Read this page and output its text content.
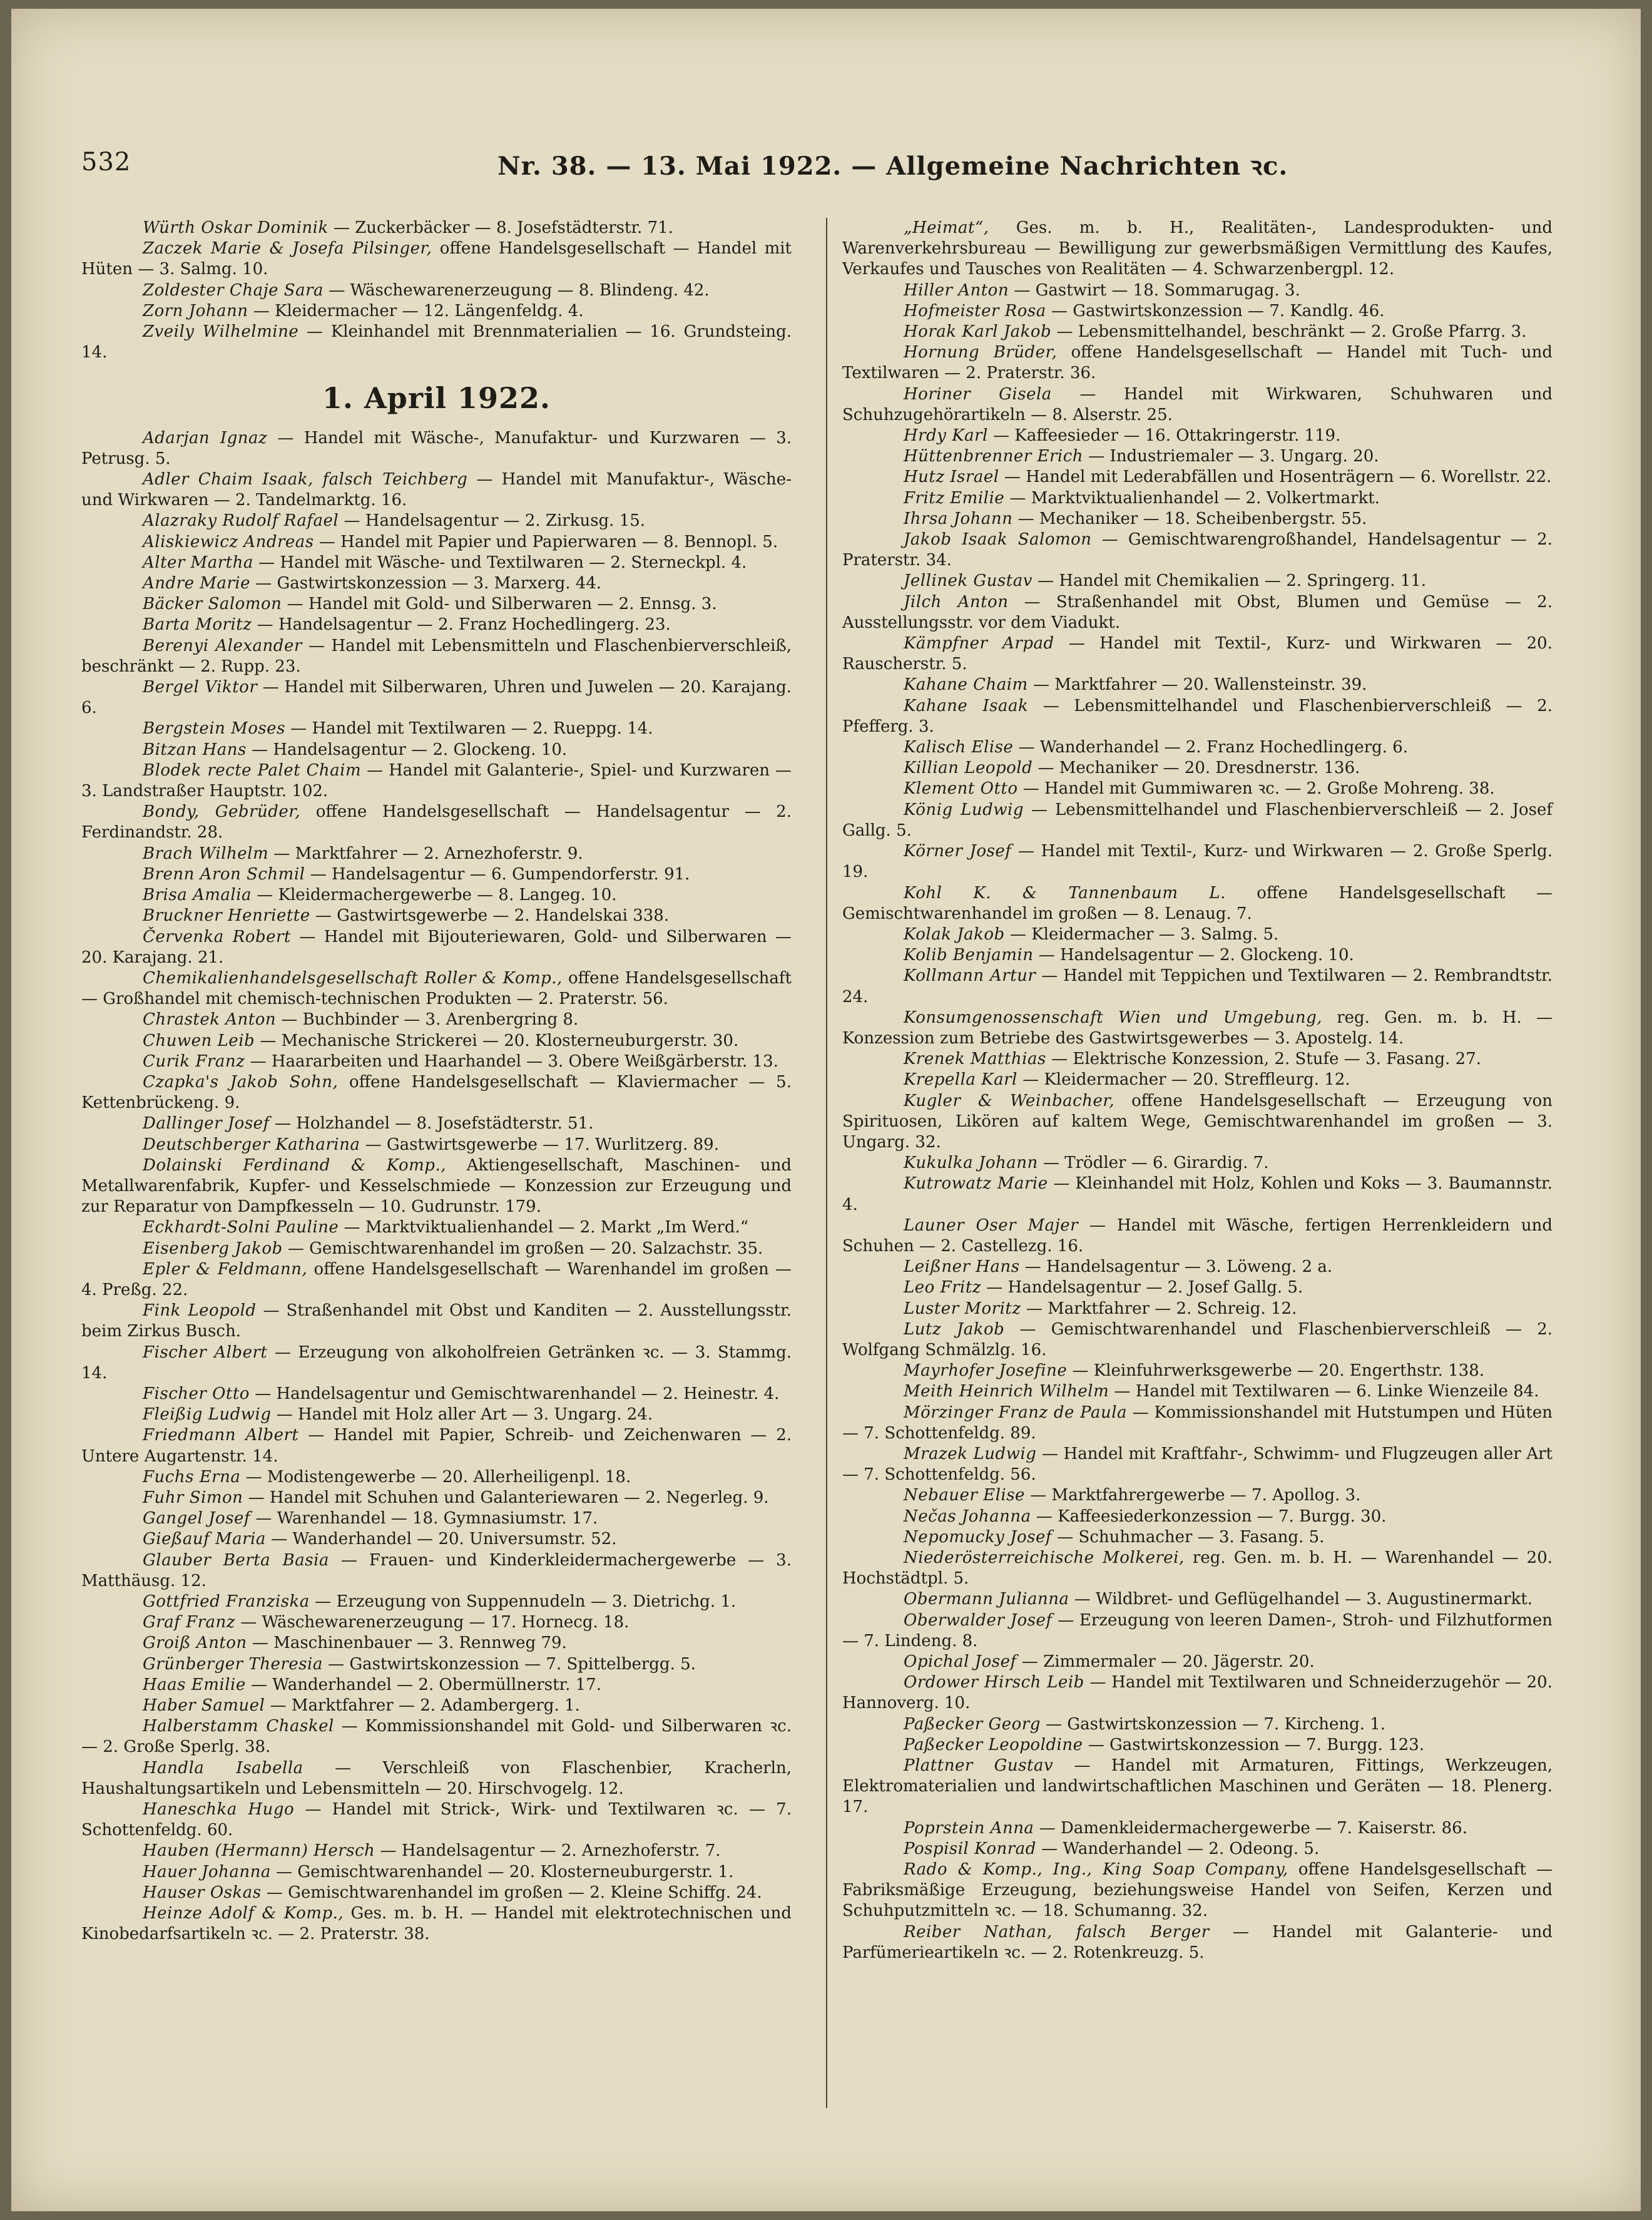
532	Nr. 38. — 13. Mai 1922. — Allgemeine Nachrichten ꝛc.

Würth Oskar Dominik — Zuckerbäcker — 8. Josefstädterstr. 71.

Zaczek Marie & Josefa Pilsinger, offene Handelsgesellschaft — Handel mit Hüten — 3. Salmg. 10.

Zoldester Chaje Sara — Wäschewarenerzeugung — 8. Blindeng. 42.

Zorn Johann — Kleidermacher — 12. Längenfeldg. 4.

Zveily Wilhelmine — Kleinhandel mit Brennmaterialien — 16. Grundsteing. 14.

1. April 1922.

Adarjan Ignaz — Handel mit Wäsche-, Manufaktur- und Kurzwaren — 3. Petrusg. 5.

Adler Chaim Isaak, falsch Teichberg — Handel mit Manufaktur-, Wäsche- und Wirkwaren — 2. Tandelmarktg. 16.

Alazraky Rudolf Rafael — Handelsagentur — 2. Zirkusg. 15.

Aliskiewicz Andreas — Handel mit Papier und Papierwaren — 8. Bennopl. 5.

Alter Martha — Handel mit Wäsche- und Textilwaren — 2. Sterneckpl. 4.

Andre Marie — Gastwirtskonzession — 3. Marxerg. 44.

Bäcker Salomon — Handel mit Gold- und Silberwaren — 2. Ennsg. 3.

Barta Moritz — Handelsagentur — 2. Franz Hochedlingerg. 23.

Berenyi Alexander — Handel mit Lebensmitteln und Flaschenbierverschleiß, beschränkt — 2. Rupp. 23.

Bergel Viktor — Handel mit Silberwaren, Uhren und Juwelen — 20. Karajang. 6.

Bergstein Moses — Handel mit Textilwaren — 2. Rueppg. 14.

Bitzan Hans — Handelsagentur — 2. Glockeng. 10.

Blodek recte Palet Chaim — Handel mit Galanterie-, Spiel- und Kurzwaren — 3. Landstraßer Hauptstr. 102.

Bondy, Gebrüder, offene Handelsgesellschaft — Handelsagentur — 2. Ferdinandstr. 28.

Brach Wilhelm — Marktfahrer — 2. Arnezhoferstr. 9.

Brenn Aron Schmil — Handelsagentur — 6. Gumpendorferstr. 91.

Brisa Amalia — Kleidermachergewerbe — 8. Langeg. 10.

Bruckner Henriette — Gastwirtsgewerbe — 2. Handelskai 338.

Červenka Robert — Handel mit Bijouteriewaren, Gold- und Silberwaren — 20. Karajang. 21.

Chemikalienhandelsgesellschaft Roller & Komp., offene Handelsgesellschaft — Großhandel mit chemisch-technischen Produkten — 2. Praterstr. 56.

Chrastek Anton — Buchbinder — 3. Arenbergring 8.

Chuwen Leib — Mechanische Strickerei — 20. Klosterneuburgerstr. 30.

Curik Franz — Haararbeiten und Haarhandel — 3. Obere Weißgärberstr. 13.

Czapka's Jakob Sohn, offene Handelsgesellschaft — Klaviermacher — 5. Kettenbrückeng. 9.

Dallinger Josef — Holzhandel — 8. Josefstädterstr. 51.

Deutschberger Katharina — Gastwirtsgewerbe — 17. Wurlitzerg. 89.

Dolainski Ferdinand & Komp., Aktiengesellschaft, Maschinen- und Metallwarenfabrik, Kupfer- und Kesselschmiede — Konzession zur Erzeugung und zur Reparatur von Dampfkesseln — 10. Gudrunstr. 179.

Eckhardt-Solni Pauline — Marktviktualienhandel — 2. Markt „Im Werd.“

Eisenberg Jakob — Gemischtwarenhandel im großen — 20. Salzachstr. 35.

Epler & Feldmann, offene Handelsgesellschaft — Warenhandel im großen — 4. Preßg. 22.

Fink Leopold — Straßenhandel mit Obst und Kanditen — 2. Ausstellungsstr. beim Zirkus Busch.

Fischer Albert — Erzeugung von alkoholfreien Getränken ꝛc. — 3. Stammg. 14.

Fischer Otto — Handelsagentur und Gemischtwarenhandel — 2. Heinestr. 4.

Fleißig Ludwig — Handel mit Holz aller Art — 3. Ungarg. 24.

Friedmann Albert — Handel mit Papier, Schreib- und Zeichenwaren — 2. Untere Augartenstr. 14.

Fuchs Erna — Modistengewerbe — 20. Allerheiligenpl. 18.

Fuhr Simon — Handel mit Schuhen und Galanteriewaren — 2. Negerleg. 9.

Gangel Josef — Warenhandel — 18. Gymnasiumstr. 17.

Gießauf Maria — Wanderhandel — 20. Universumstr. 52.

Glauber Berta Basia — Frauen- und Kinderkleidermachergewerbe — 3. Matthäusg. 12.

Gottfried Franziska — Erzeugung von Suppennudeln — 3. Dietrichg. 1.

Graf Franz — Wäschewarenerzeugung — 17. Hornecg. 18.

Groiß Anton — Maschinenbauer — 3. Rennweg 79.

Grünberger Theresia — Gastwirtskonzession — 7. Spittelbergg. 5.

Haas Emilie — Wanderhandel — 2. Obermüllnerstr. 17.

Haber Samuel — Marktfahrer — 2. Adambergerg. 1.

Halberstamm Chaskel — Kommissionshandel mit Gold- und Silberwaren ꝛc. — 2. Große Sperlg. 38.

Handla Isabella — Verschleiß von Flaschenbier, Kracherln, Haushaltungsartikeln und Lebensmitteln — 20. Hirschvogelg. 12.

Haneschka Hugo — Handel mit Strick-, Wirk- und Textilwaren ꝛc. — 7. Schottenfeldg. 60.

Hauben (Hermann) Hersch — Handelsagentur — 2. Arnezhoferstr. 7.

Hauer Johanna — Gemischtwarenhandel — 20. Klosterneuburgerstr. 1.

Hauser Oskas — Gemischtwarenhandel im großen — 2. Kleine Schiffg. 24.

Heinze Adolf & Komp., Ges. m. b. H. — Handel mit elektrotechnischen und Kinobedarfsartikeln ꝛc. — 2. Praterstr. 38.

„Heimat“, Ges. m. b. H., Realitäten-, Landesprodukten- und Warenverkehrsbureau — Bewilligung zur gewerbsmäßigen Vermittlung des Kaufes, Verkaufes und Tausches von Realitäten — 4. Schwarzenbergpl. 12.

Hiller Anton — Gastwirt — 18. Sommarugag. 3.

Hofmeister Rosa — Gastwirtskonzession — 7. Kandlg. 46.

Horak Karl Jakob — Lebensmittelhandel, beschränkt — 2. Große Pfarrg. 3.

Hornung Brüder, offene Handelsgesellschaft — Handel mit Tuch- und Textilwaren — 2. Praterstr. 36.

Horiner Gisela — Handel mit Wirkwaren, Schuhwaren und Schuhzugehörartikeln — 8. Alserstr. 25.

Hrdy Karl — Kaffeesieder — 16. Ottakringerstr. 119.

Hüttenbrenner Erich — Industriemaler — 3. Ungarg. 20.

Hutz Israel — Handel mit Lederabfällen und Hosenträgern — 6. Worellstr. 22.

Fritz Emilie — Marktviktualienhandel — 2. Volkertmarkt.

Ihrsa Johann — Mechaniker — 18. Scheibenbergstr. 55.

Jakob Isaak Salomon — Gemischtwarengroßhandel, Handelsagentur — 2. Praterstr. 34.

Jellinek Gustav — Handel mit Chemikalien — 2. Springerg. 11.

Jilch Anton — Straßenhandel mit Obst, Blumen und Gemüse — 2. Ausstellungsstr. vor dem Viadukt.

Kämpfner Arpad — Handel mit Textil-, Kurz- und Wirkwaren — 20. Rauscherstr. 5.

Kahane Chaim — Marktfahrer — 20. Wallensteinstr. 39.

Kahane Isaak — Lebensmittelhandel und Flaschenbierverschleiß — 2. Pfefferg. 3.

Kalisch Elise — Wanderhandel — 2. Franz Hochedlingerg. 6.

Killian Leopold — Mechaniker — 20. Dresdnerstr. 136.

Klement Otto — Handel mit Gummiwaren ꝛc. — 2. Große Mohreng. 38.

König Ludwig — Lebensmittelhandel und Flaschenbierverschleiß — 2. Josef Gallg. 5.

Körner Josef — Handel mit Textil-, Kurz- und Wirkwaren — 2. Große Sperlg. 19.

Kohl K. & Tannenbaum L. offene Handelsgesellschaft — Gemischtwarenhandel im großen — 8. Lenaug. 7.

Kolak Jakob — Kleidermacher — 3. Salmg. 5.

Kolib Benjamin — Handelsagentur — 2. Glockeng. 10.

Kollmann Artur — Handel mit Teppichen und Textilwaren — 2. Rembrandtstr. 24.

Konsumgenossenschaft Wien und Umgebung, reg. Gen. m. b. H. — Konzession zum Betriebe des Gastwirtsgewerbes — 3. Apostelg. 14.

Krenek Matthias — Elektrische Konzession, 2. Stufe — 3. Fasang. 27.

Krepella Karl — Kleidermacher — 20. Streffleurg. 12.

Kugler & Weinbacher, offene Handelsgesellschaft — Erzeugung von Spirituosen, Likören auf kaltem Wege, Gemischtwarenhandel im großen — 3. Ungarg. 32.

Kukulka Johann — Trödler — 6. Girardig. 7.

Kutrowatz Marie — Kleinhandel mit Holz, Kohlen und Koks — 3. Baumannstr. 4.

Launer Oser Majer — Handel mit Wäsche, fertigen Herrenkleidern und Schuhen — 2. Castellezg. 16.

Leißner Hans — Handelsagentur — 3. Löweng. 2 a.

Leo Fritz — Handelsagentur — 2. Josef Gallg. 5.

Luster Moritz — Marktfahrer — 2. Schreig. 12.

Lutz Jakob — Gemischtwarenhandel und Flaschenbierverschleiß — 2. Wolfgang Schmälzlg. 16.

Mayrhofer Josefine — Kleinfuhrwerksgewerbe — 20. Engerthstr. 138.

Meith Heinrich Wilhelm — Handel mit Textilwaren — 6. Linke Wienzeile 84.

Mörzinger Franz de Paula — Kommissionshandel mit Hutstumpen und Hüten — 7. Schottenfeldg. 89.

Mrazek Ludwig — Handel mit Kraftfahr-, Schwimm- und Flugzeugen aller Art — 7. Schottenfeldg. 56.

Nebauer Elise — Marktfahrergewerbe — 7. Apollog. 3.

Nečas Johanna — Kaffeesiederkonzession — 7. Burgg. 30.

Nepomucky Josef — Schuhmacher — 3. Fasang. 5.

Niederösterreichische Molkerei, reg. Gen. m. b. H. — Warenhandel — 20. Hochstädtpl. 5.

Obermann Julianna — Wildbret- und Geflügelhandel — 3. Augustinermarkt.

Oberwalder Josef — Erzeugung von leeren Damen-, Stroh- und Filzhutformen — 7. Lindeng. 8.

Opichal Josef — Zimmermaler — 20. Jägerstr. 20.

Ordower Hirsch Leib — Handel mit Textilwaren und Schneiderzugehör — 20. Hannoverg. 10.

Paßecker Georg — Gastwirtskonzession — 7. Kircheng. 1.

Paßecker Leopoldine — Gastwirtskonzession — 7. Burgg. 123.

Plattner Gustav — Handel mit Armaturen, Fittings, Werkzeugen, Elektromaterialien und landwirtschaftlichen Maschinen und Geräten — 18. Plenerg. 17.

Poprstein Anna — Damenkleidermachergewerbe — 7. Kaiserstr. 86.

Pospisil Konrad — Wanderhandel — 2. Odeong. 5.

Rado & Komp., Ing., King Soap Company, offene Handelsgesellschaft — Fabriksmäßige Erzeugung, beziehungsweise Handel von Seifen, Kerzen und Schuhputzmitteln ꝛc. — 18. Schumanng. 32.

Reiber Nathan, falsch Berger — Handel mit Galanterie- und Parfümerieartikeln ꝛc. — 2. Rotenkreuzg. 5.
